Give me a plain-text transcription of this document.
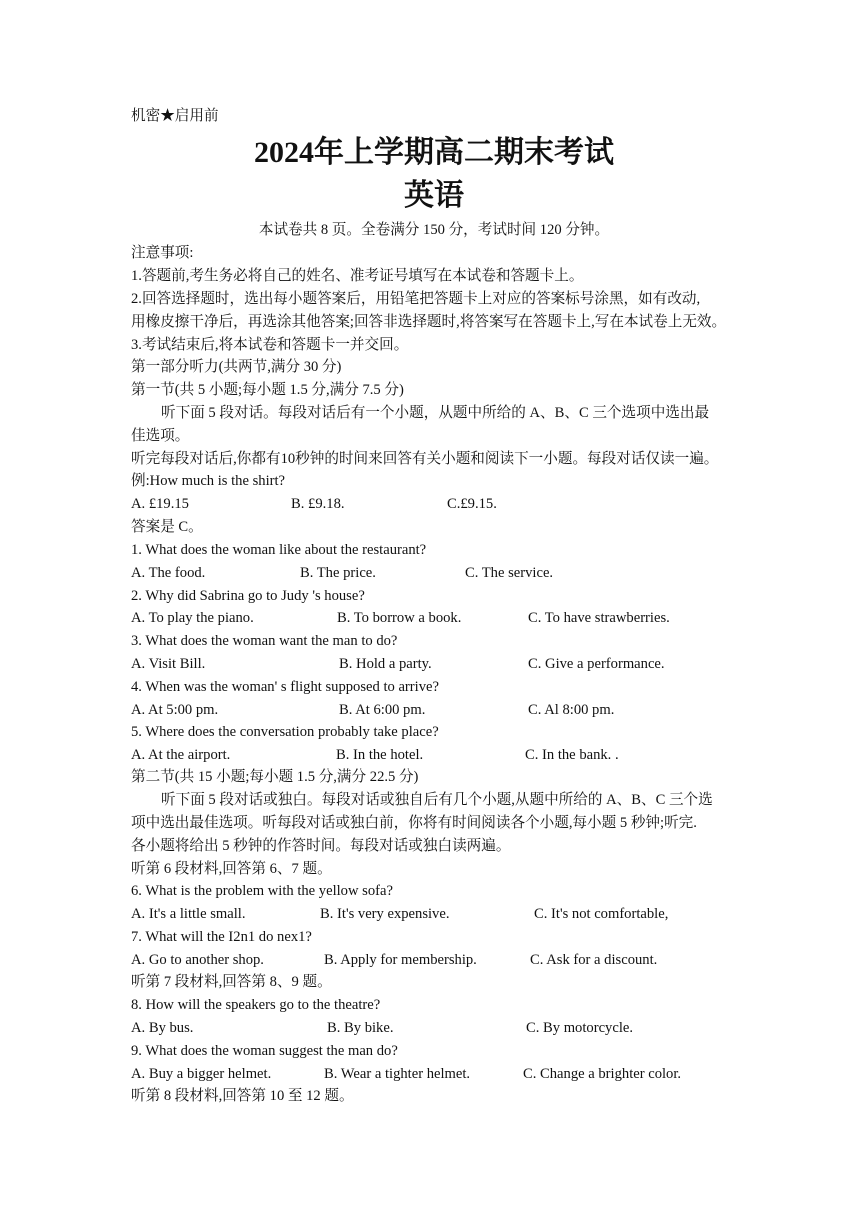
机密★启用前
2024年上学期高二期末考试
英语
本试卷共 8 页。全卷满分 150 分，考试时间 120 分钟。
注意事项:
1.答题前,考生务必将自己的姓名、准考证号填写在本试卷和答题卡上。
2.回答选择题时，选出每小题答案后，用铅笔把答题卡上对应的答案标号涂黑，如有改动,
用橡皮擦干净后，再选涂其他答案;回答非选择题时,将答案写在答题卡上,写在本试卷上无效。
3.考试结束后,将本试卷和答题卡一并交回。
第一部分听力(共两节,满分 30 分)
第一节(共 5 小题;每小题 1.5 分,满分 7.5 分)
听下面 5 段对话。每段对话后有一个小题，从题中所给的 A、B、C 三个选项中选出最
佳选项。
听完每段对话后,你都有10秒钟的时间来回答有关小题和阅读下一小题。每段对话仅读一遍。
例:How much is the shirt?
A. £19.15	B. £9.18.	C.£9.15.
答案是 C。
1. What does the woman like about the restaurant?
A. The food.	B. The price.	C. The service.
2. Why did Sabrina go to Judy 's house?
A. To play the piano.	B. To borrow a book.	C. To have strawberries.
3. What does the woman want the man to do?
A. Visit Bill.	B. Hold a party.	C. Give a performance.
4. When was the woman' s flight supposed to arrive?
A. At 5:00 pm.	B. At 6:00 pm.	C. Al 8:00 pm.
5. Where does the conversation probably take place?
A. At the airport.	B. In the hotel.	C. In the bank. .
第二节(共 15 小题;每小题 1.5 分,满分 22.5 分)
听下面 5 段对话或独白。每段对话或独自后有几个小题,从题中所给的 A、B、C 三个选
项中选出最佳选项。听每段对话或独白前，你将有时间阅读各个小题,每小题 5 秒钟;听完.
各小题将给出 5 秒钟的作答时间。每段对话或独白读两遍。
听第 6 段材料,回答第 6、7 题。
6. What is the problem with the yellow sofa?
A. It's a little small.	B. It's very expensive.	C. It's not comfortable,
7. What will the I2n1 do nex1?
A. Go to another shop.	B. Apply for membership.	C. Ask for a discount.
听第 7 段材料,回答第 8、9 题。
8. How will the speakers go to the theatre?
A. By bus.	B. By bike.	C. By motorcycle.
9. What does the woman suggest the man do?
A. Buy a bigger helmet.	B. Wear a tighter helmet.	C. Change a brighter color.
听第 8 段材料,回答第 10 至 12 题。
